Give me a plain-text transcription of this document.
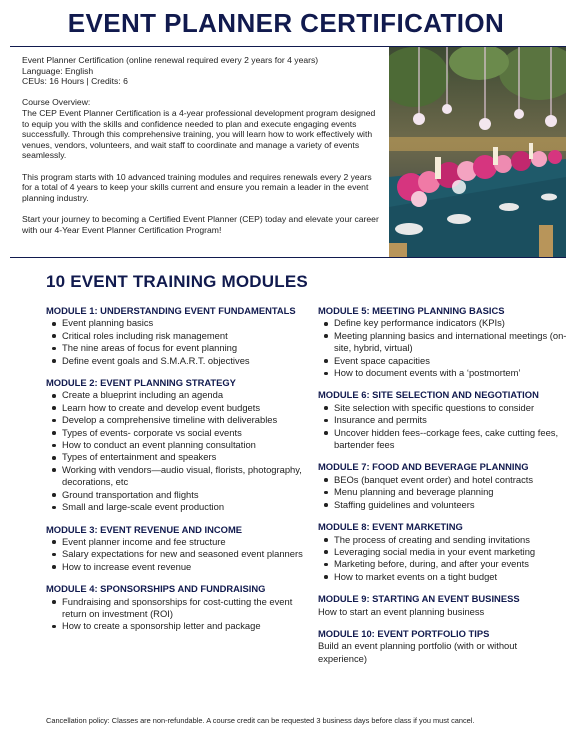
EVENT PLANNER CERTIFICATION

Event Planner Certification (online renewal required every 2 years for 4 years)

Language: English

CEUs: 16 Hours | Credits: 6

Course Overview:

The CEP Event Planner Certification is a 4-year professional development program designed to equip you with the skills and confidence needed to plan and execute engaging events successfully. Through this comprehensive training, you will learn how to work effectively with venues, vendors, volunteers, and wait staff to coordinate and manage a variety of events seamlessly.

This program starts with 10 advanced training modules and requires renewals every 2 years for a total of 4 years to keep your skills current and ensure you remain a leader in the event planning industry.

Start your journey to becoming a Certified Event Planner (CEP) today and elevate your career with our 4-Year Event Planner Certification Program!

10 EVENT TRAINING MODULES
MODULE 1: UNDERSTANDING EVENT FUNDAMENTALS
Event planning basics
Critical roles including risk management
The nine areas of focus for event planning
Define event goals and S.M.A.R.T. objectives
MODULE 2: EVENT PLANNING STRATEGY
Create a blueprint including an agenda
Learn how to create and develop event budgets
Develop a comprehensive timeline with deliverables
Types of events- corporate vs social events
How to conduct an event planning consultation
Types of entertainment and speakers
Working with vendors—audio visual, florists, photography, decorations, etc
Ground transportation and flights
Small and large-scale event production
MODULE 3: EVENT REVENUE AND INCOME
Event planner income and fee structure
Salary expectations for new and seasoned event planners
How to increase event revenue
MODULE 4: SPONSORSHIPS AND FUNDRAISING
Fundraising and sponsorships for cost-cutting the event return on investment (ROI)
How to create a sponsorship letter and package
MODULE 5: MEETING PLANNING BASICS
Define key performance indicators (KPIs)
Meeting planning basics and international meetings (on-site, hybrid, virtual)
Event space capacities
How to document events with a ‘postmortem’
MODULE 6: SITE SELECTION AND NEGOTIATION
Site selection with specific questions to consider
Insurance and permits
Uncover hidden fees--corkage fees, cake cutting fees, bartender fees
MODULE 7: FOOD AND BEVERAGE PLANNING
BEOs (banquet event order) and hotel contracts
Menu planning and beverage planning
Staffing guidelines and volunteers
MODULE 8: EVENT MARKETING
The process of creating and sending invitations
Leveraging social media in your event marketing
Marketing before, during, and after your events
How to market events on a tight budget
MODULE 9: STARTING AN EVENT BUSINESS
How to start an event planning business
MODULE 10: EVENT PORTFOLIO TIPS
Build an event planning portfolio (with or without experience)
Cancellation policy: Classes are non-refundable. A course credit can be requested 3 business days before class if you must cancel.
